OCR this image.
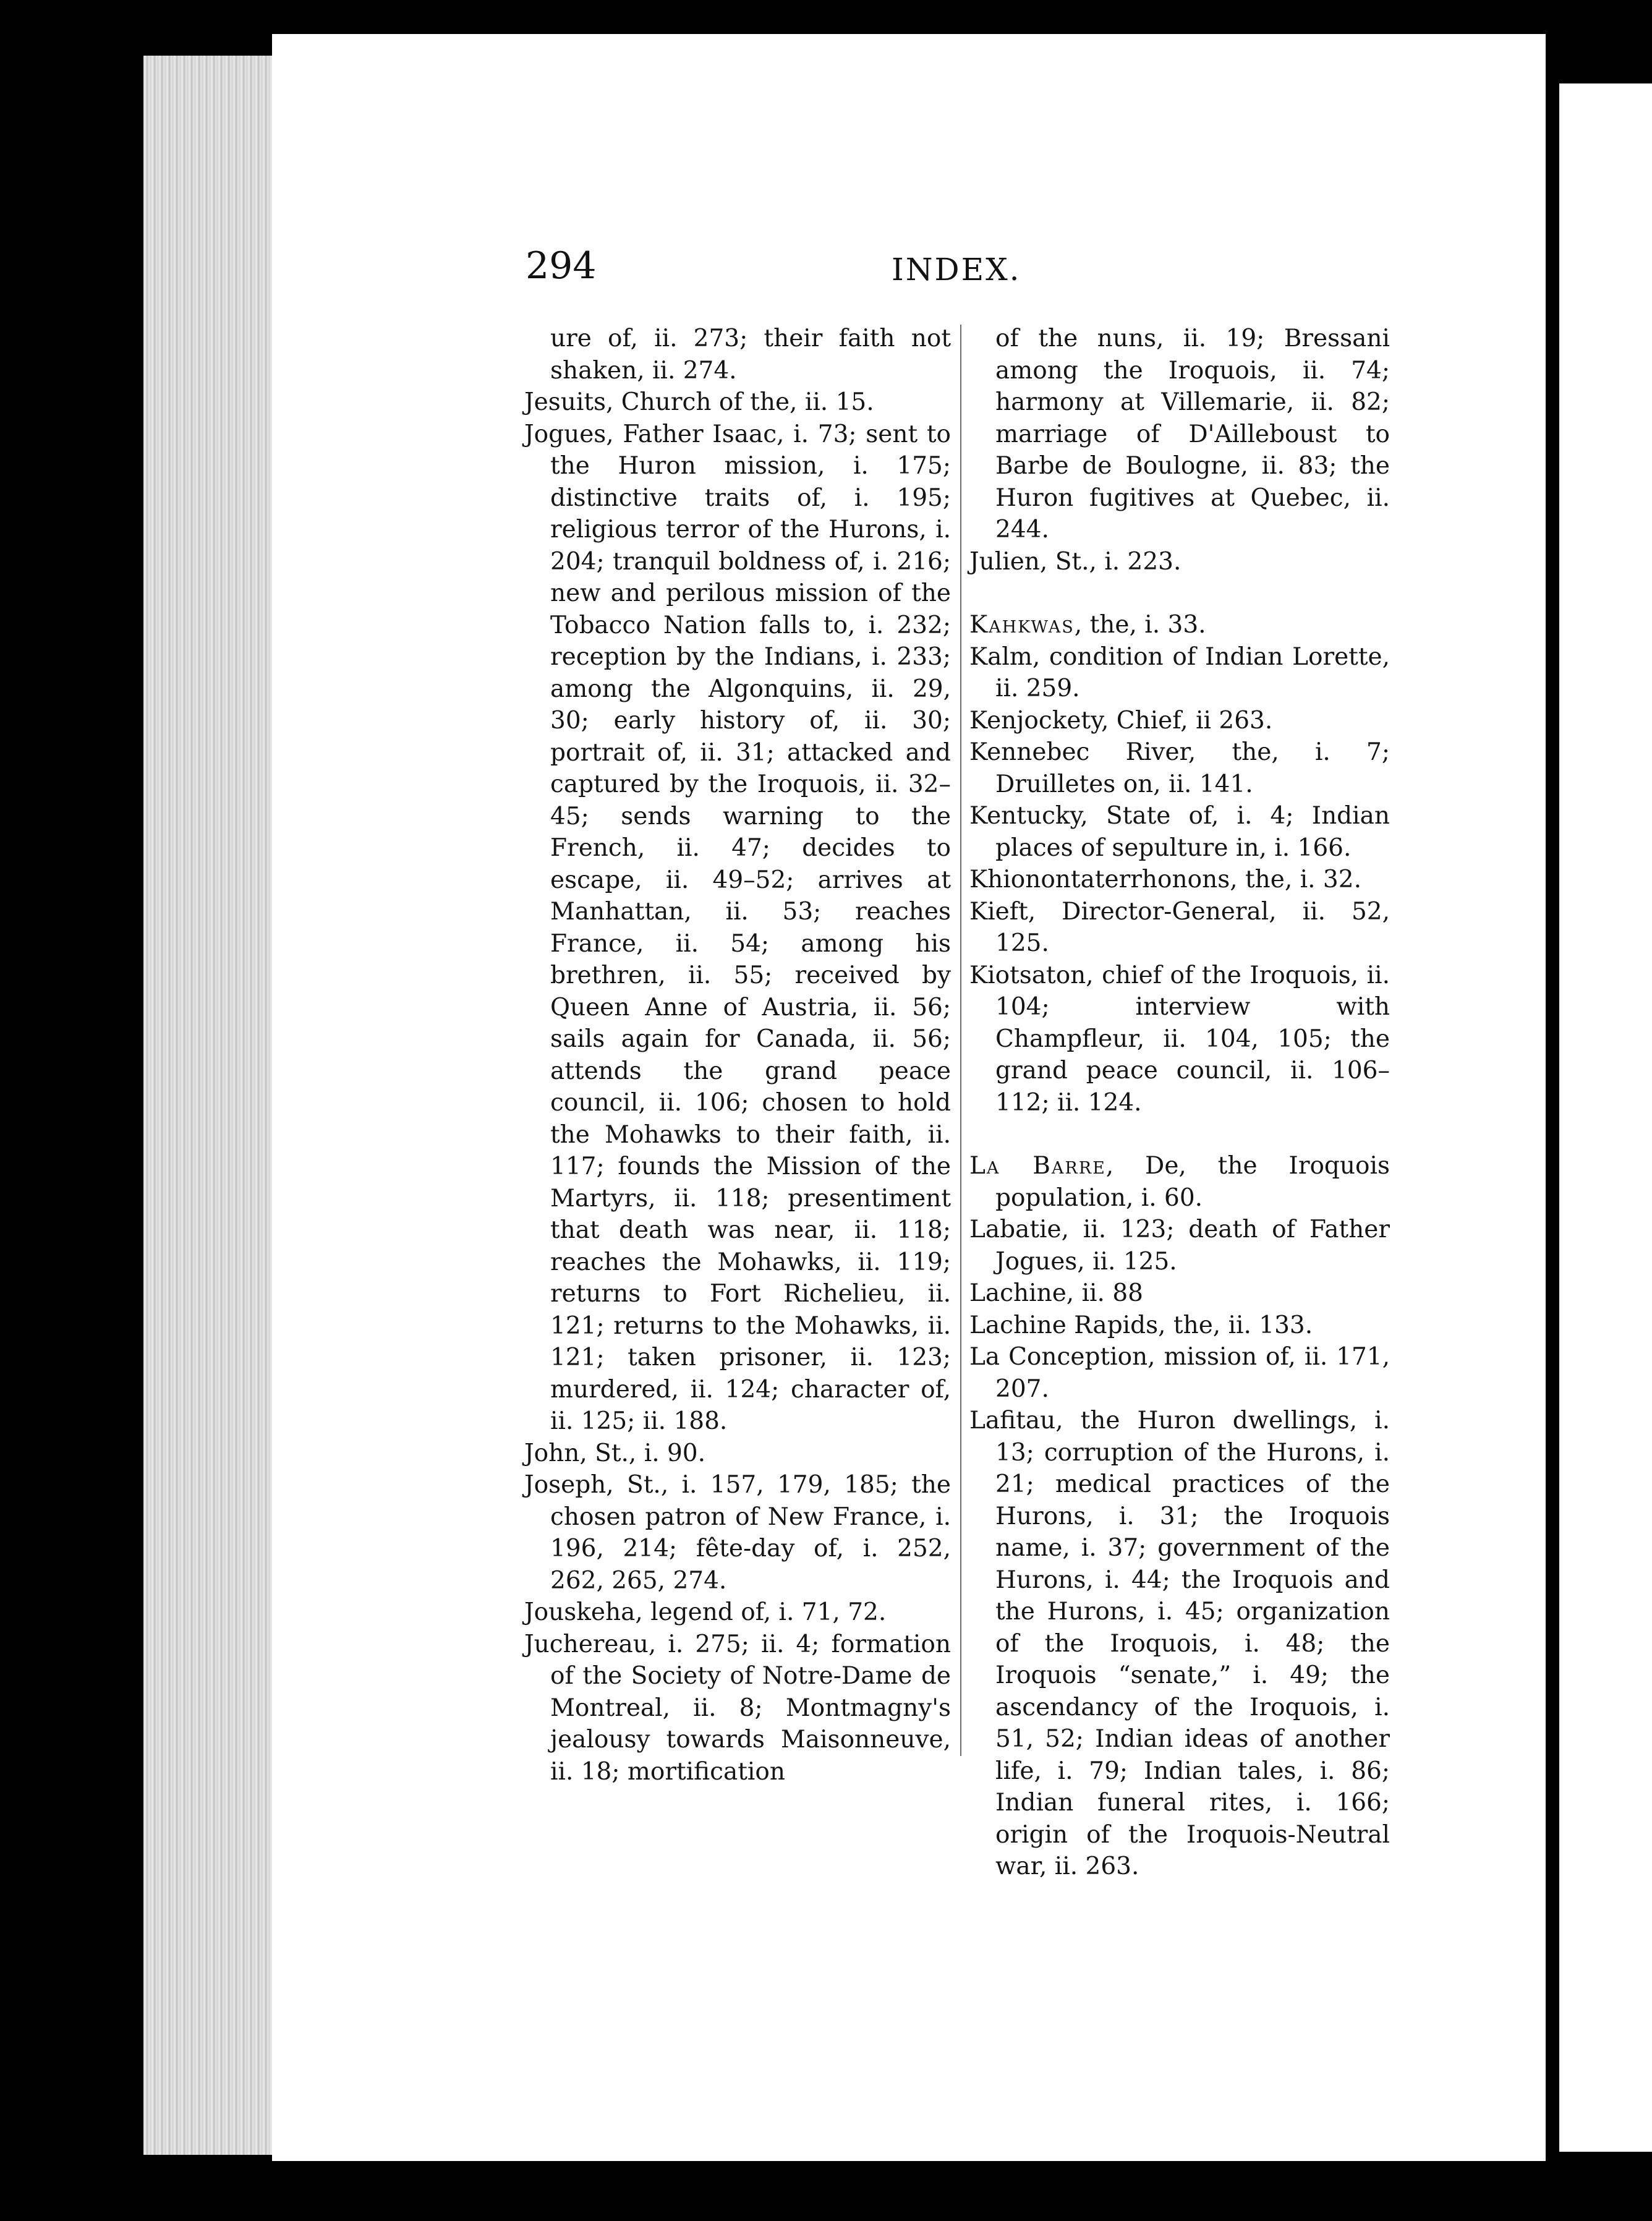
294	INDEX.

ure of, ii. 273; their faith not shaken, ii. 274.

Jesuits, Church of the, ii. 15.

Jogues, Father Isaac, i. 73; sent to the Huron mission, i. 175; distinctive traits of, i. 195; religious terror of the Hurons, i. 204; tranquil boldness of, i. 216; new and perilous mission of the Tobacco Nation falls to, i. 232; reception by the Indians, i. 233; among the Algonquins, ii. 29, 30; early history of, ii. 30; portrait of, ii. 31; attacked and captured by the Iroquois, ii. 32–45; sends warning to the French, ii. 47; decides to escape, ii. 49–52; arrives at Manhattan, ii. 53; reaches France, ii. 54; among his brethren, ii. 55; received by Queen Anne of Austria, ii. 56; sails again for Canada, ii. 56; attends the grand peace council, ii. 106; chosen to hold the Mohawks to their faith, ii. 117; founds the Mission of the Martyrs, ii. 118; presentiment that death was near, ii. 118; reaches the Mohawks, ii. 119; returns to Fort Richelieu, ii. 121; returns to the Mohawks, ii. 121; taken prisoner, ii. 123; murdered, ii. 124; character of, ii. 125; ii. 188.

John, St., i. 90.

Joseph, St., i. 157, 179, 185; the chosen patron of New France, i. 196, 214; fête-day of, i. 252, 262, 265, 274.

Jouskeha, legend of, i. 71, 72.

Juchereau, i. 275; ii. 4; formation of the Society of Notre-Dame de Montreal, ii. 8; Montmagny's jealousy towards Maisonneuve, ii. 18; mortification

of the nuns, ii. 19; Bressani among the Iroquois, ii. 74; harmony at Villemarie, ii. 82; marriage of D'Ailleboust to Barbe de Boulogne, ii. 83; the Huron fugitives at Quebec, ii. 244.

Julien, St., i. 223.

Kahkwas, the, i. 33.

Kalm, condition of Indian Lorette, ii. 259.

Kenjockety, Chief, ii 263.

Kennebec River, the, i. 7; Druilletes on, ii. 141.

Kentucky, State of, i. 4; Indian places of sepulture in, i. 166.

Khionontaterrhonons, the, i. 32.

Kieft, Director-General, ii. 52, 125.

Kiotsaton, chief of the Iroquois, ii. 104; interview with Champfleur, ii. 104, 105; the grand peace council, ii. 106–112; ii. 124.

La Barre, De, the Iroquois population, i. 60.

Labatie, ii. 123; death of Father Jogues, ii. 125.

Lachine, ii. 88

Lachine Rapids, the, ii. 133.

La Conception, mission of, ii. 171, 207.

Lafitau, the Huron dwellings, i. 13; corruption of the Hurons, i. 21; medical practices of the Hurons, i. 31; the Iroquois name, i. 37; government of the Hurons, i. 44; the Iroquois and the Hurons, i. 45; organization of the Iroquois, i. 48; the Iroquois “senate,” i. 49; the ascendancy of the Iroquois, i. 51, 52; Indian ideas of another life, i. 79; Indian tales, i. 86; Indian funeral rites, i. 166; origin of the Iroquois-Neutral war, ii. 263.
